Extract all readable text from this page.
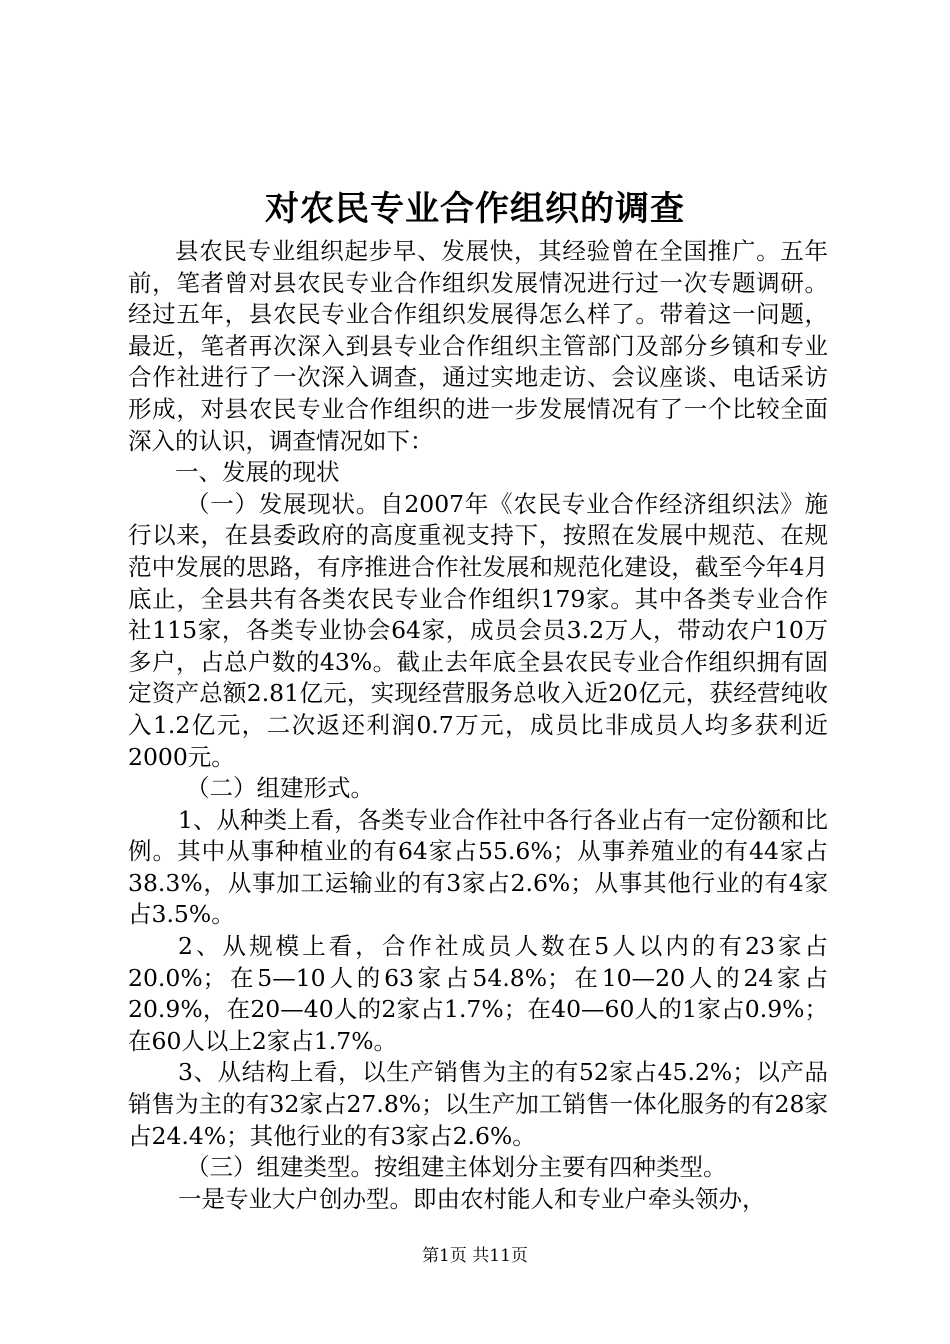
对农民专业合作组织的调查

县农民专业组织起步早、发展快，其经验曾在全国推广。五年前，笔者曾对县农民专业合作组织发展情况进行过一次专题调研。经过五年，县农民专业合作组织发展得怎么样了。带着这一问题，最近，笔者再次深入到县专业合作组织主管部门及部分乡镇和专业合作社进行了一次深入调查，通过实地走访、会议座谈、电话采访形成，对县农民专业合作组织的进一步发展情况有了一个比较全面深入的认识，调查情况如下：

一、发展的现状

（一）发展现状。自2007年《农民专业合作经济组织法》施行以来，在县委政府的高度重视支持下，按照在发展中规范、在规范中发展的思路，有序推进合作社发展和规范化建设，截至今年4月底止，全县共有各类农民专业合作组织179家。其中各类专业合作社115家，各类专业协会64家，成员会员3.2万人，带动农户10万多户，占总户数的43%。截止去年底全县农民专业合作组织拥有固定资产总额2.81亿元，实现经营服务总收入近20亿元，获经营纯收入1.2亿元，二次返还利润0.7万元，成员比非成员人均多获利近2000元。

（二）组建形式。

1、从种类上看，各类专业合作社中各行各业占有一定份额和比例。其中从事种植业的有64家占55.6%；从事养殖业的有44家占38.3%，从事加工运输业的有3家占2.6%；从事其他行业的有4家占3.5%。

2、从规模上看，合作社成员人数在5人以内的有23家占20.0%；在5—10人的63家占54.8%；在10—20人的24家占20.9%，在20—40人的2家占1.7%；在40—60人的1家占0.9%；在60人以上2家占1.7%。

3、从结构上看，以生产销售为主的有52家占45.2%；以产品销售为主的有32家占27.8%；以生产加工销售一体化服务的有28家占24.4%；其他行业的有3家占2.6%。

（三）组建类型。按组建主体划分主要有四种类型。

一是专业大户创办型。即由农村能人和专业户牵头领办，

第1页 共11页
